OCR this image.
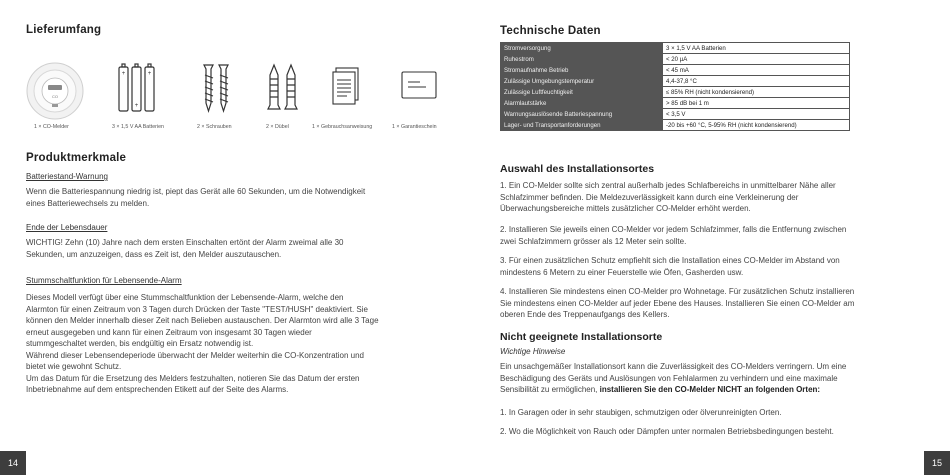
Lieferumfang
CO
+
+
+
1 × CO-Melder	3 × 1,5 V AA Batterien	2 × Schrauben	2 × Dübel	1 × Gebrauchsanweisung	1 × Garantieschein
Produktmerkmale
Batteriestand-Warnung
Wenn die Batteriespannung niedrig ist, piept das Gerät alle 60 Sekunden, um die Notwendigkeit
eines Batteriewechsels zu melden.
Ende der Lebensdauer
WICHTIG! Zehn (10) Jahre nach dem ersten Einschalten ertönt der Alarm zweimal alle 30
Sekunden, um anzuzeigen, dass es Zeit ist, den Melder auszutauschen.
Stummschaltfunktion für Lebensende-Alarm
Dieses Modell verfügt über eine Stummschaltfunktion der Lebensende-Alarm, welche den
Alarmton für einen Zeitraum von 3 Tagen durch Drücken der Taste "TEST/HUSH" deaktiviert. Sie
können den Melder innerhalb dieser Zeit nach Belieben austauschen. Der Alarmton wird alle 3 Tage
erneut ausgegeben und kann für einen Zeitraum von insgesamt 30 Tagen wieder
stummgeschaltet werden, bis endgültig ein Ersatz notwendig ist.
Während dieser Lebensendeperiode überwacht der Melder weiterhin die CO-Konzentration und
bietet wie gewohnt Schutz.
Um das Datum für die Ersetzung des Melders festzuhalten, notieren Sie das Datum der ersten
Inbetriebnahme auf dem entsprechenden Etikett auf der Seite des Alarms.
14
Technische Daten
Stromversorgung	3 × 1,5 V AA Batterien
Ruhestrom	< 20 µA
Stromaufnahme Betrieb	< 45 mA
Zulässige Umgebungstemperatur	4,4-37,8 °C
Zulässige Luftfeuchtigkeit	≤ 85% RH (nicht kondensierend)
Alarmlautstärke	> 85 dB bei 1 m
Warnungsauslösende Batteriespannung	< 3,5 V
Lager- und Transportanforderungen	-20 bis +60 °C, 5-95% RH (nicht kondensierend)
Auswahl des Installationsortes
1. Ein CO-Melder sollte sich zentral außerhalb jedes Schlafbereichs in unmittelbarer Nähe aller
Schlafzimmer befinden. Die Meldezuverlässigkeit kann durch eine Verkleinerung der
Überwachungsbereiche mittels zusätzlicher CO-Melder erhöht werden.
2. Installieren Sie jeweils einen CO-Melder vor jedem Schlafzimmer, falls die Entfernung zwischen
zwei Schlafzimmern grösser als 12 Meter sein sollte.
3. Für einen zusätzlichen Schutz empfiehlt sich die Installation eines CO-Melder im Abstand von
mindestens 6 Metern zu einer Feuerstelle wie Öfen, Gasherden usw.
4. Installieren Sie mindestens einen CO-Melder pro Wohnetage. Für zusätzlichen Schutz installieren
Sie mindestens einen CO-Melder auf jeder Ebene des Hauses. Installieren Sie einen CO-Melder am
oberen Ende des Treppenaufgangs des Kellers.
Nicht geeignete Installationsorte
Wichtige Hinweise
Ein unsachgemäßer Installationsort kann die Zuverlässigkeit des CO-Melders verringern. Um eine
Beschädigung des Geräts und Auslösungen von Fehlalarmen zu verhindern und eine maximale
Sensibilität zu ermöglichen, installieren Sie den CO-Melder NICHT an folgenden Orten:
1. In Garagen oder in sehr staubigen, schmutzigen oder ölverunreinigten Orten.
2. Wo die Möglichkeit von Rauch oder Dämpfen unter normalen Betriebsbedingungen besteht.
15
